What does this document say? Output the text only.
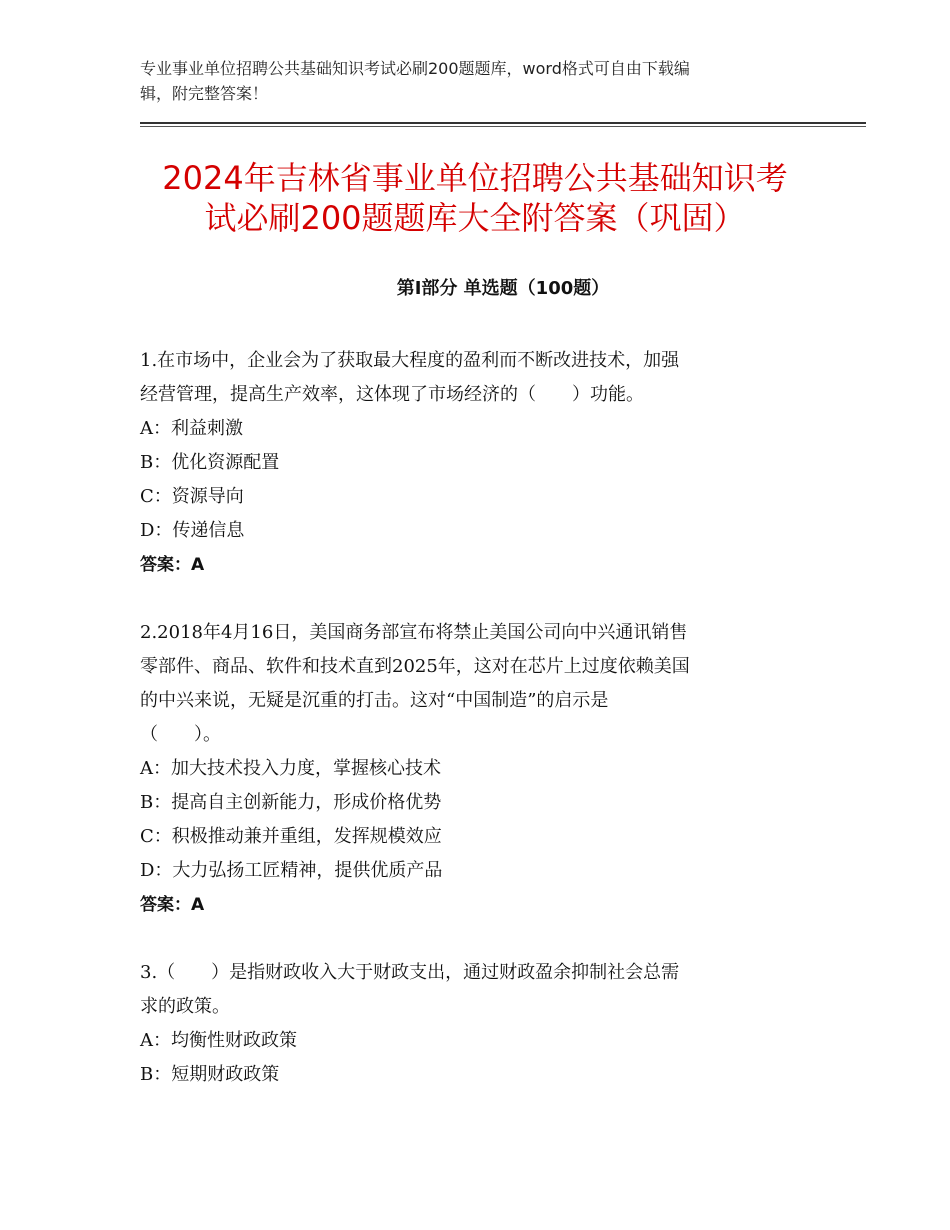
专业事业单位招聘公共基础知识考试必刷200题题库，word格式可自由下载编
辑，附完整答案！
2024年吉林省事业单位招聘公共基础知识考
试必刷200题题库大全附答案（巩固）
第Ⅰ部分 单选题（100题）
1.在市场中，企业会为了获取最大程度的盈利而不断改进技术，加强
经营管理，提高生产效率，这体现了市场经济的（　　）功能。
A：利益刺激
B：优化资源配置
C：资源导向
D：传递信息
答案：A
2.2018年4月16日，美国商务部宣布将禁止美国公司向中兴通讯销售
零部件、商品、软件和技术直到2025年，这对在芯片上过度依赖美国
的中兴来说，无疑是沉重的打击。这对“中国制造”的启示是
（　　）。
A：加大技术投入力度，掌握核心技术
B：提高自主创新能力，形成价格优势
C：积极推动兼并重组，发挥规模效应
D：大力弘扬工匠精神，提供优质产品
答案：A
3.（　　）是指财政收入大于财政支出，通过财政盈余抑制社会总需
求的政策。
A：均衡性财政政策
B：短期财政政策
